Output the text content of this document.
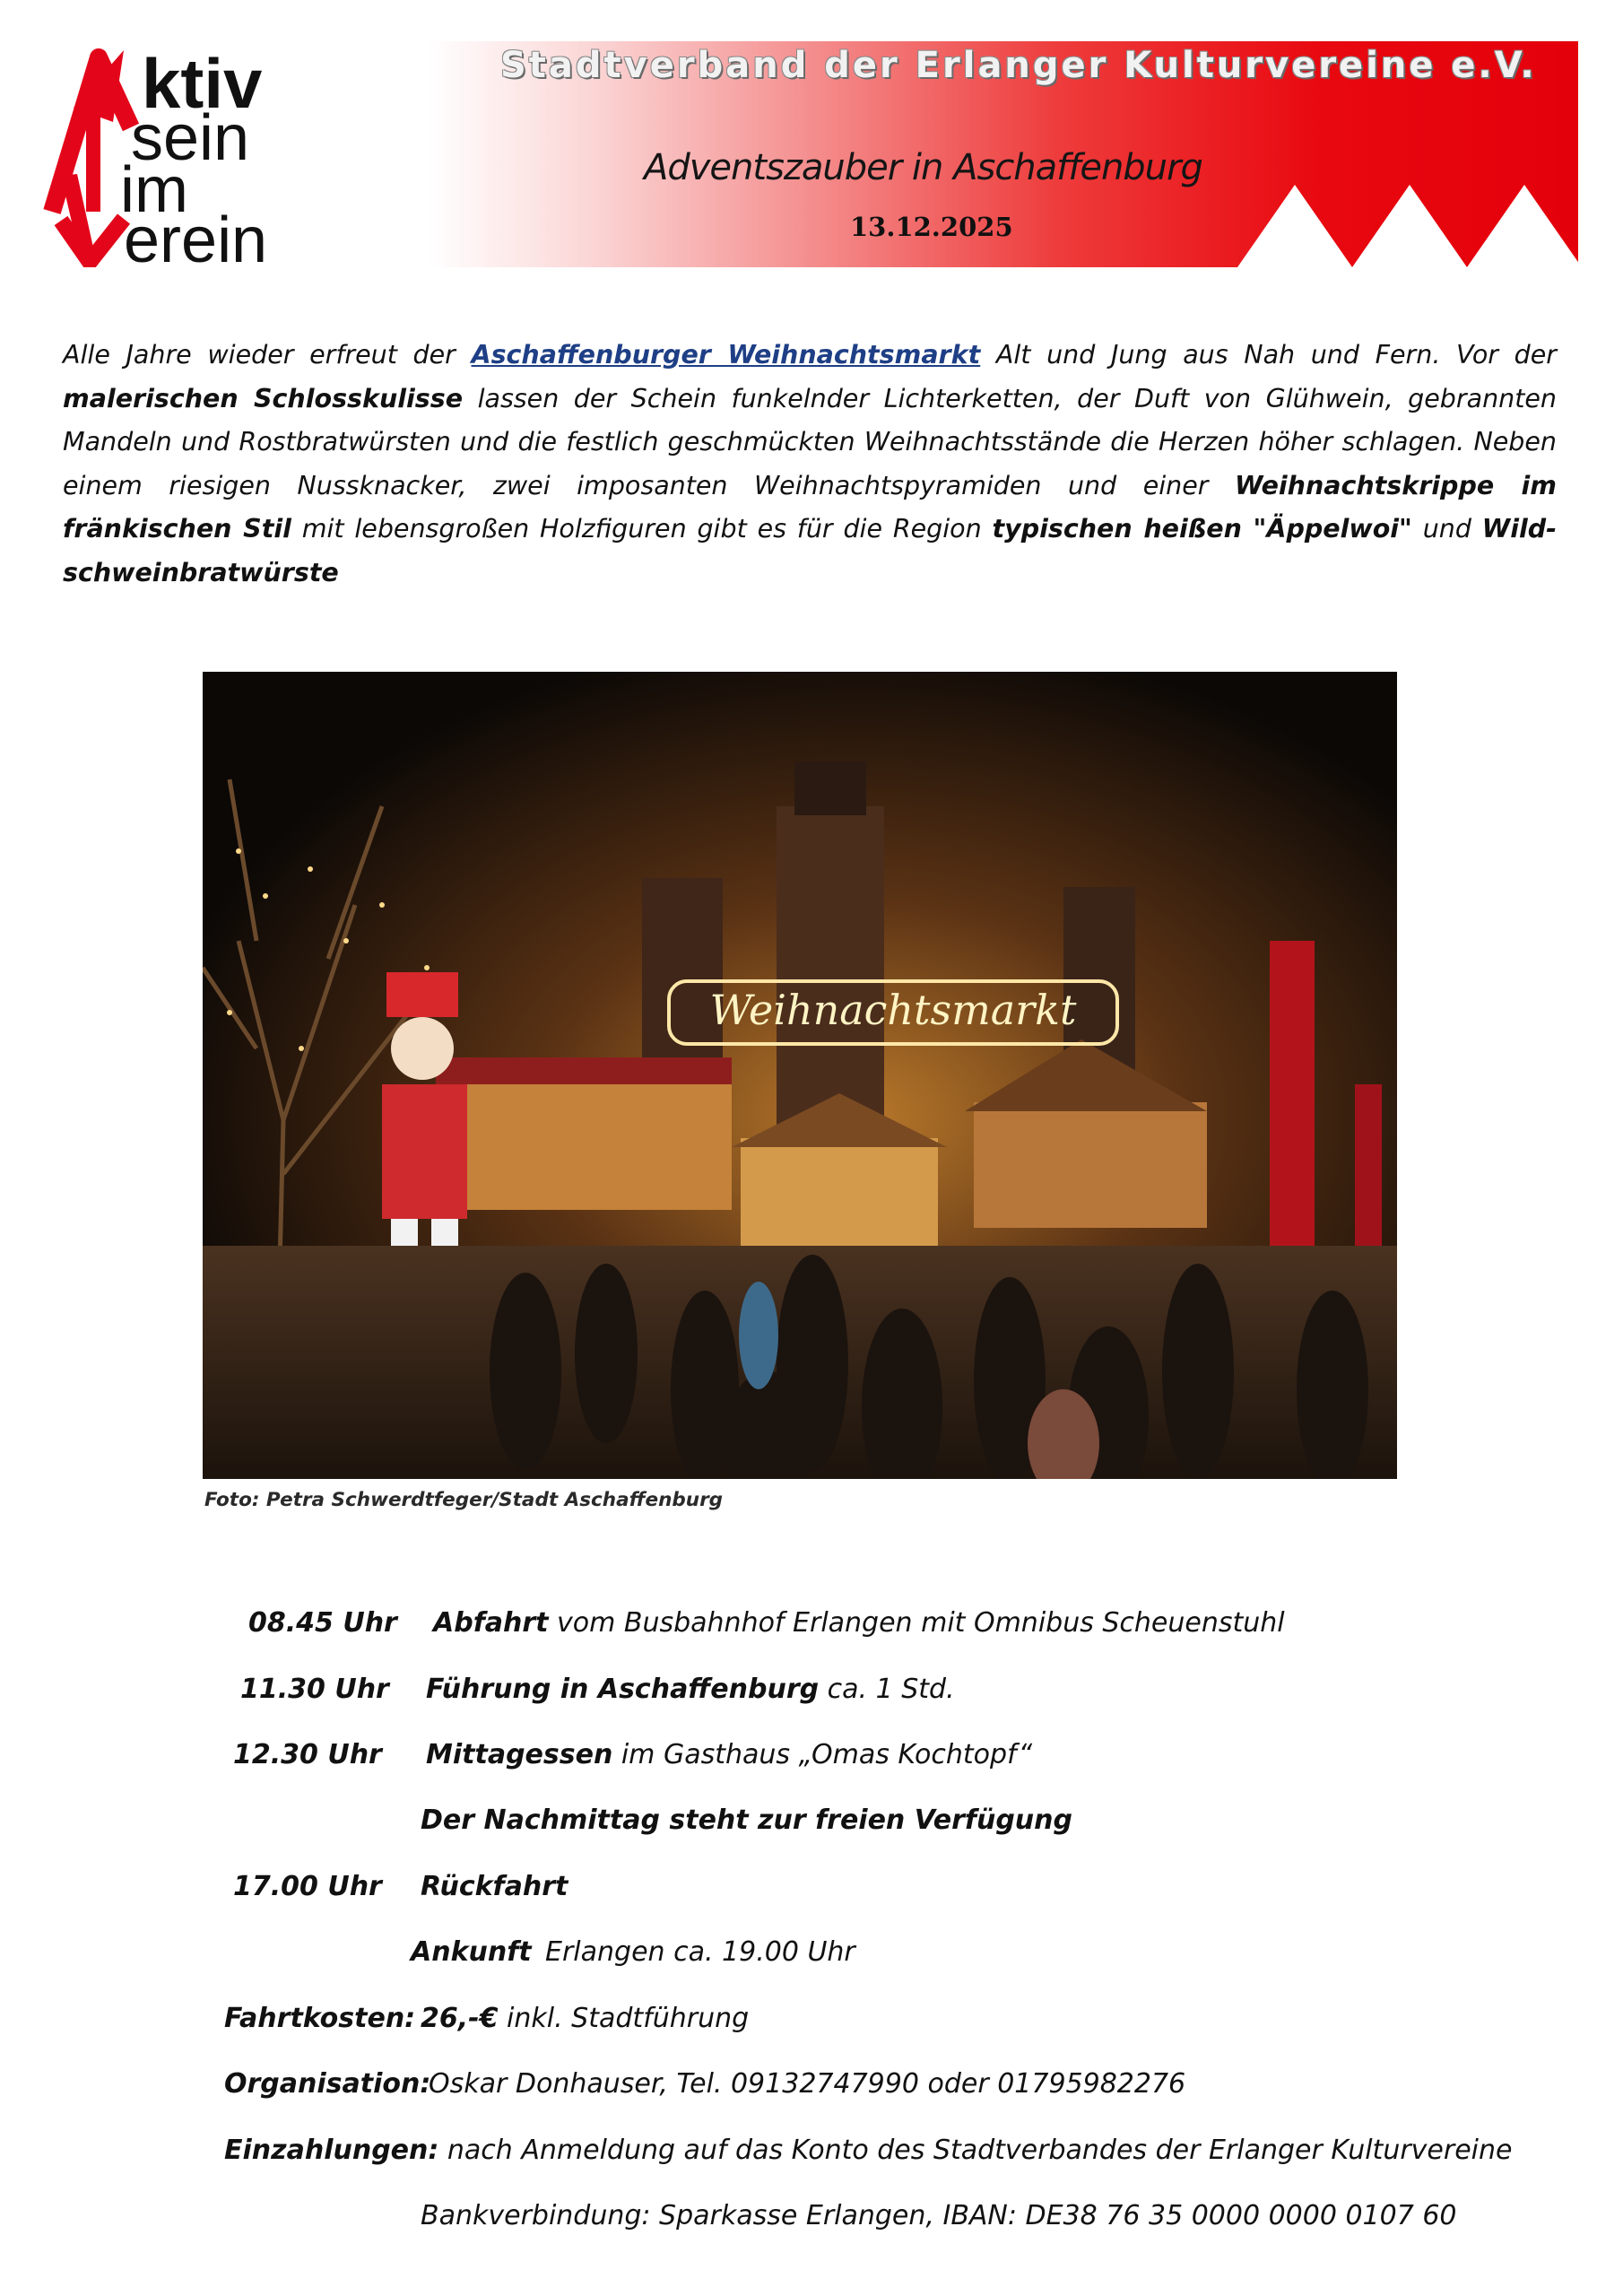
ktiv
sein
im
erein
Stadtverband der Erlanger Kulturvereine e.V.
Adventszauber in Aschaffenburg
13.12.2025
Alle Jahre wieder erfreut der Aschaffenburger Weihnachtsmarkt Alt und Jung aus Nah und Fern. Vor der malerischen Schlosskulisse lassen der Schein funkelnder Lichterketten, der Duft von Glühwein, gebrannten Mandeln und Rostbratwürsten und die festlich geschmückten Weihnachtsstände die Herzen höher schlagen. Neben einem riesigen Nussknacker, zwei imposanten Weihnachtspyramiden und einer Weihnachtskrippe im fränkischen Stil mit lebensgroßen Holzfiguren gibt es für die Region typischen heißen "Äppelwoi" und Wild-schweinbratwürste
Weihnachtsmarkt
Foto: Petra Schwerdtfeger/Stadt Aschaffenburg
08.45 Uhr Abfahrt vom Busbahnhof Erlangen mit Omnibus Scheuenstuhl
11.30 Uhr Führung in Aschaffenburg ca. 1 Std.
12.30 Uhr Mittagessen im Gasthaus „Omas Kochtopf“
Der Nachmittag steht zur freien Verfügung
17.00 Uhr Rückfahrt
Ankunft Erlangen ca. 19.00 Uhr
Fahrtkosten: 26,-€ inkl. Stadtführung
Organisation:
Oskar Donhauser, Tel. 09132747990 oder 01795982276
Einzahlungen: nach Anmeldung auf das Konto des Stadtverbandes der Erlanger Kulturvereine
Bankverbindung: Sparkasse Erlangen, IBAN: DE38 76 35 0000 0000 0107 60
